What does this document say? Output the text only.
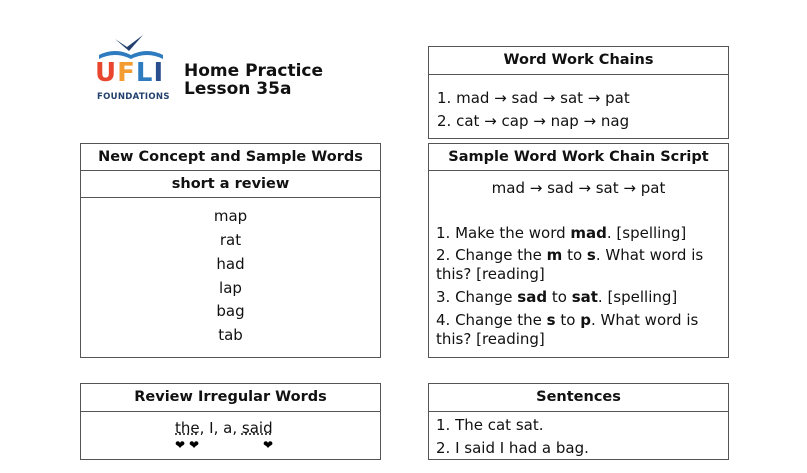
UFLI
FOUNDATIONS
Home Practice
Lesson 35a
Word Work Chains
1. mad → sad → sat → pat
2. cat → cap → nap → nag
New Concept and Sample Words
short a review
map
rat
had
lap
bag
tab
Sample Word Work Chain Script
mad → sad → sat → pat
1. Make the word mad. [spelling]
2. Change the m to s. What word is
this? [reading]
3. Change sad to sat. [spelling]
4. Change the s to p. What word is
this? [reading]
Review Irregular Words
the, I, a, said
❤ ❤	❤
Sentences
1. The cat sat.
2. I said I had a bag.
